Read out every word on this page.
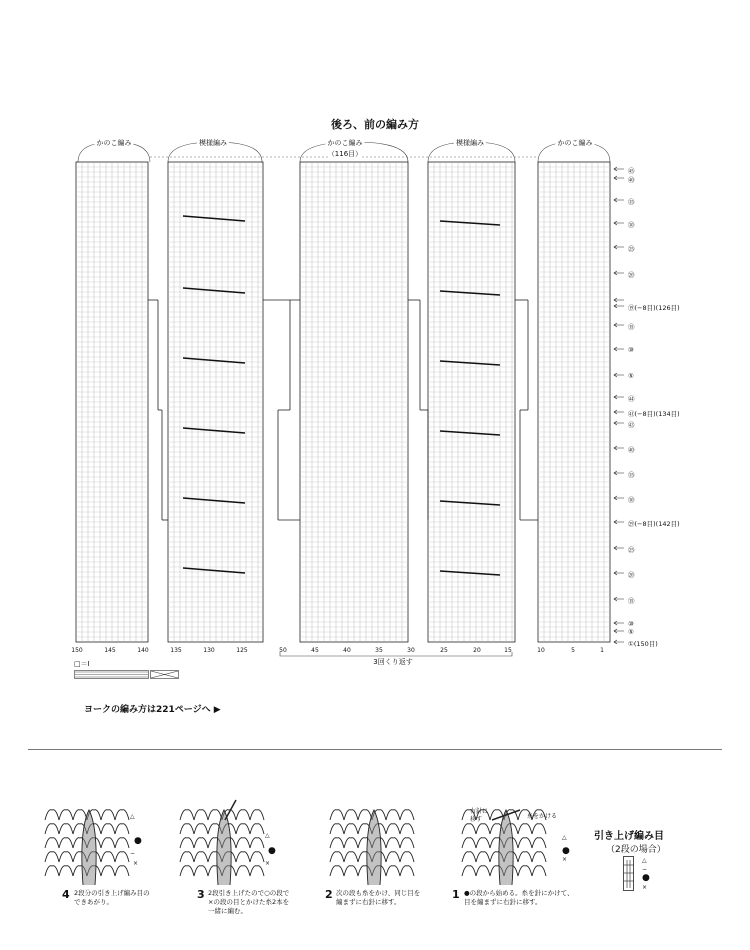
後ろ、前の編み方
かのこ編み	模様編み	かのこ編み	模様編み	かのこ編み
（116目）
150	145	140	135	130	125	50	45	40	35	30	25	20	15	10	5	1
3回くり返す
㊺
㊵
㉟
㉚
㉕
⑳
⑲(−8目)(126目)
⑮
⑩
⑤
㊹
㊶(−8目)(134目)
㊸
㊵
㉟
㉚
㉙(−8目)(142目)
㉕
⑳
⑮
⑩
⑤
①(150目)
□＝Ⅰ
ヨークの編み方は221ページへ ▶
4 2段分の引き上げ編み目の
できあがり。
3 2段引き上げたので○の段で
×の段の目とかけた糸2本を
一緒に編む。
2 次の段も糸をかけ、同じ目を
編まずに右針に移す。
1 ●の段から始める。糸を針にかけて、
目を編まずに右針に移す。
右針に
移す	糸をかける
△
●
−
×
△
●
×
△
●
×
引き上げ編み目
（2段の場合）
△
−
●
×
